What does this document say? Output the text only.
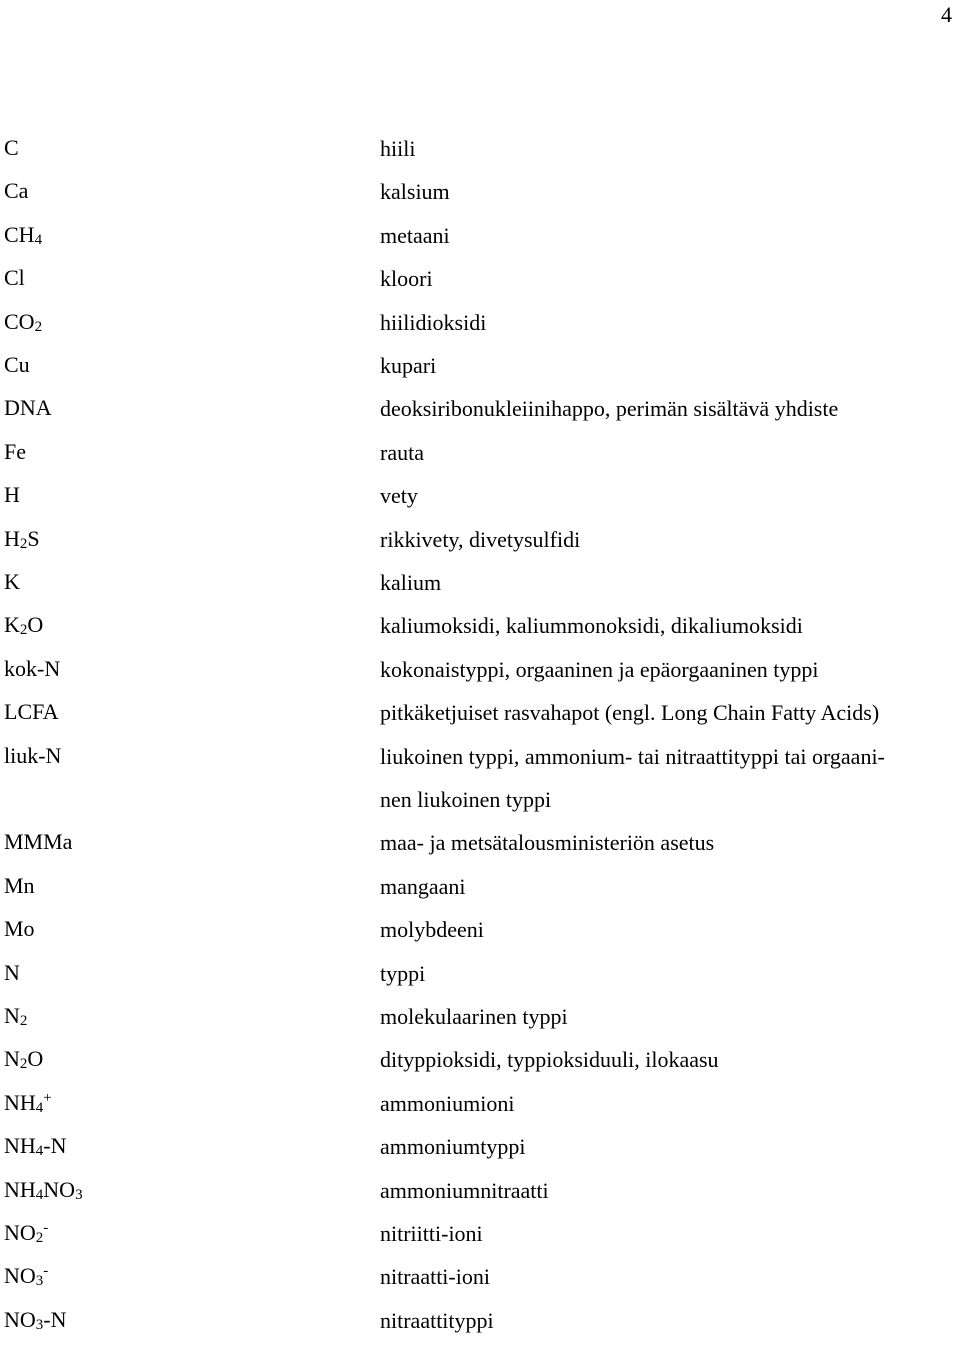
4
C	hiili
Ca	kalsium
$CH_4$	metaani
Cl	kloori
$CO_2$	hiilidioksidi
Cu	kupari
DNA	deoksiribonukleiinihappo, perimän sisältävä yhdiste
Fe	rauta
H	vety
$H_2S$	rikkivety, divetysulfidi
K	kalium
$K_2O$	kaliumoksidi, kaliummonoksidi, dikaliumoksidi
kok-N	kokonaistyppi, orgaaninen ja epäorgaaninen typpi
LCFA	pitkäketjuiset rasvahapot (engl. Long Chain Fatty Acids)
liuk-N	liukoinen typpi, ammonium- tai nitraattityppi tai orgaani-
nen liukoinen typpi
MMMa	maa- ja metsätalousministeriön asetus
Mn	mangaani
Mo	molybdeeni
N	typpi
$N_2$	molekulaarinen typpi
$N_2O$	dityppioksidi, typpioksiduuli, ilokaasu
$NH_4^+$	ammoniumioni
$NH_4-N$	ammoniumtyppi
$NH_4NO_3$	ammoniumnitraatti
$NO_2^-$	nitriitti-ioni
$NO_3^-$	nitraatti-ioni
$NO_3-N$	nitraattityppi
